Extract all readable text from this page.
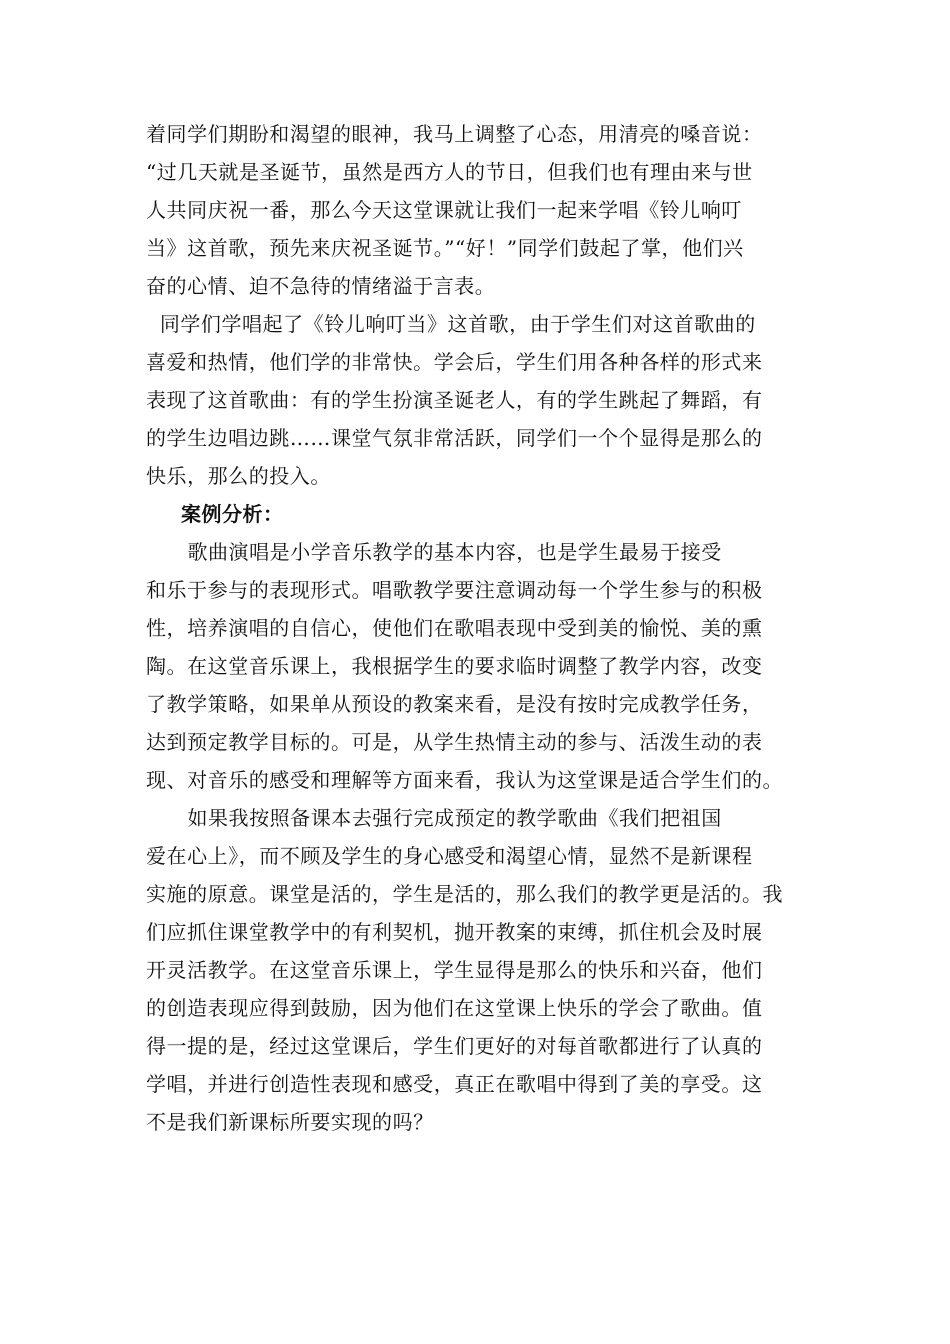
着同学们期盼和渴望的眼神，我马上调整了心态，用清亮的嗓音说：
“过几天就是圣诞节，虽然是西方人的节日，但我们也有理由来与世
人共同庆祝一番，那么今天这堂课就让我们一起来学唱《铃儿响叮
当》这首歌，预先来庆祝圣诞节。”“好！”同学们鼓起了掌，他们兴
奋的心情、迫不急待的情绪溢于言表。
同学们学唱起了《铃儿响叮当》这首歌，由于学生们对这首歌曲的
喜爱和热情，他们学的非常快。学会后，学生们用各种各样的形式来
表现了这首歌曲：有的学生扮演圣诞老人，有的学生跳起了舞蹈，有
的学生边唱边跳……课堂气氛非常活跃，同学们一个个显得是那么的
快乐，那么的投入。
案例分析：
歌曲演唱是小学音乐教学的基本内容，也是学生最易于接受
和乐于参与的表现形式。唱歌教学要注意调动每一个学生参与的积极
性，培养演唱的自信心，使他们在歌唱表现中受到美的愉悦、美的熏
陶。在这堂音乐课上，我根据学生的要求临时调整了教学内容，改变
了教学策略，如果单从预设的教案来看，是没有按时完成教学任务，
达到预定教学目标的。可是，从学生热情主动的参与、活泼生动的表
现、对音乐的感受和理解等方面来看，我认为这堂课是适合学生们的。
如果我按照备课本去强行完成预定的教学歌曲《我们把祖国
爱在心上》，而不顾及学生的身心感受和渴望心情，显然不是新课程
实施的原意。课堂是活的，学生是活的，那么我们的教学更是活的。我
们应抓住课堂教学中的有利契机，抛开教案的束缚，抓住机会及时展
开灵活教学。在这堂音乐课上，学生显得是那么的快乐和兴奋，他们
的创造表现应得到鼓励，因为他们在这堂课上快乐的学会了歌曲。值
得一提的是，经过这堂课后，学生们更好的对每首歌都进行了认真的
学唱，并进行创造性表现和感受，真正在歌唱中得到了美的享受。这
不是我们新课标所要实现的吗？
